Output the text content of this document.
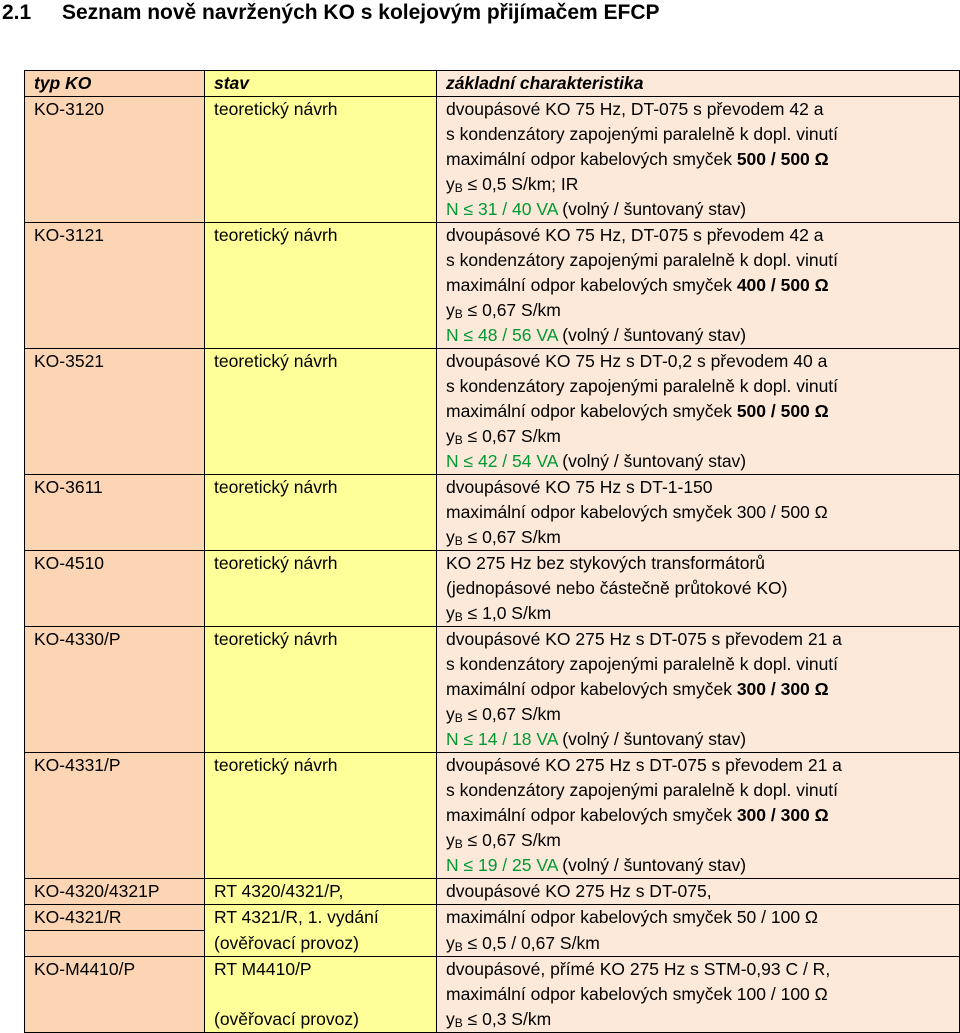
2.1 Seznam nově navržených KO s kolejovým přijímačem EFCP
typ KO	stav	základní charakteristika

KO-3120	teoretický návrh	dvoupásové KO 75 Hz, DT-075 s převodem 42 a
s kondenzátory zapojenými paralelně k dopl. vinutí
maximální odpor kabelových smyček 500 / 500 Ω
$y_B \le 0,5$ S/km; IR
N ≤ 31 / 40 VA (volný / šuntovaný stav)

KO-3121	teoretický návrh	dvoupásové KO 75 Hz, DT-075 s převodem 42 a
s kondenzátory zapojenými paralelně k dopl. vinutí
maximální odpor kabelových smyček 400 / 500 Ω
$y_B \le 0,67$ S/km
N ≤ 48 / 56 VA (volný / šuntovaný stav)

KO-3521	teoretický návrh	dvoupásové KO 75 Hz s DT-0,2 s převodem 40 a
s kondenzátory zapojenými paralelně k dopl. vinutí
maximální odpor kabelových smyček 500 / 500 Ω
$y_B \le 0,67$ S/km
N ≤ 42 / 54 VA (volný / šuntovaný stav)

KO-3611	teoretický návrh	dvoupásové KO 75 Hz s DT-1-150
maximální odpor kabelových smyček 300 / 500 Ω
$y_B \le 0,67$ S/km

KO-4510	teoretický návrh	KO 275 Hz bez stykových transformátorů
(jednopásové nebo částečně průtokové KO)
$y_B \le 1,0$ S/km

KO-4330/P	teoretický návrh	dvoupásové KO 275 Hz s DT-075 s převodem 21 a
s kondenzátory zapojenými paralelně k dopl. vinutí
maximální odpor kabelových smyček 300 / 300 Ω
$y_B \le 0,67$ S/km
N ≤ 14 / 18 VA (volný / šuntovaný stav)

KO-4331/P	teoretický návrh	dvoupásové KO 275 Hz s DT-075 s převodem 21 a
s kondenzátory zapojenými paralelně k dopl. vinutí
maximální odpor kabelových smyček 300 / 300 Ω
$y_B \le 0,67$ S/km
N ≤ 19 / 25 VA (volný / šuntovaný stav)

KO-4320/4321P	RT 4320/4321/P,	dvoupásové KO 275 Hz s DT-075,

KO-4321/R	RT 4321/R, 1. vydání	maximální odpor kabelových smyček 50 / 100 Ω

	(ověřovací provoz)	$y_B \le 0,5 / 0,67$ S/km

KO-M4410/P	RT M4410/P	dvoupásové, přímé KO 275 Hz s STM-0,93 C / R,
maximální odpor kabelových smyček 100 / 100 Ω

	(ověřovací provoz)	$y_B \le 0,3$ S/km
